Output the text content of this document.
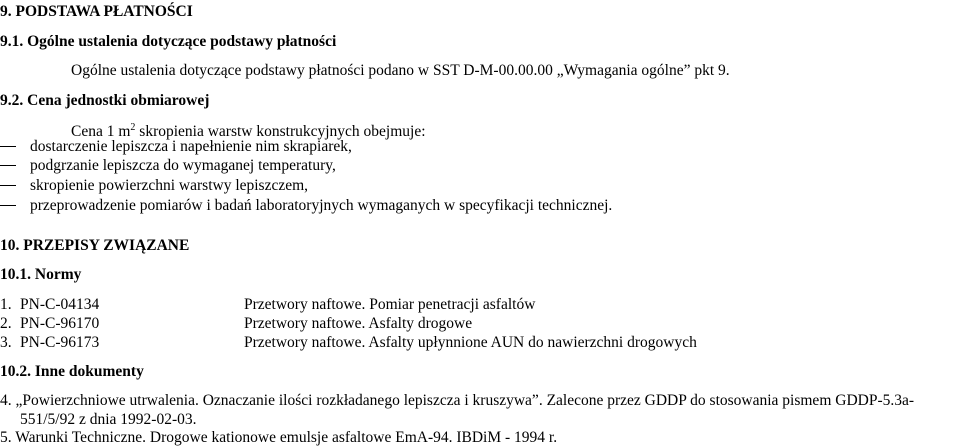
9. PODSTAWA PŁATNOŚCI
9.1. Ogólne ustalenia dotyczące podstawy płatności
Ogólne ustalenia dotyczące podstawy płatności podano w SST D-M-00.00.00 „Wymagania ogólne” pkt 9.
9.2. Cena jednostki obmiarowej
Cena 1 $m^2$ skropienia warstw konstrukcyjnych obejmuje:
dostarczenie lepiszcza i napełnienie nim skrapiarek,
podgrzanie lepiszcza do wymaganej temperatury,
skropienie powierzchni warstwy lepiszczem,
przeprowadzenie pomiarów i badań laboratoryjnych wymaganych w specyfikacji technicznej.
10. PRZEPISY ZWIĄZANE
10.1. Normy
1. PN-C-04134	Przetwory naftowe. Pomiar penetracji asfaltów
2. PN-C-96170	Przetwory naftowe. Asfalty drogowe
3. PN-C-96173	Przetwory naftowe. Asfalty upłynnione AUN do nawierzchni drogowych
10.2. Inne dokumenty
4. „Powierzchniowe utrwalenia. Oznaczanie ilości rozkładanego lepiszcza i kruszywa”. Zalecone przez GDDP do stosowania pismem GDDP-5.3a-
551/5/92 z dnia 1992-02-03.
5. Warunki Techniczne. Drogowe kationowe emulsje asfaltowe EmA-94. IBDiM - 1994 r.
